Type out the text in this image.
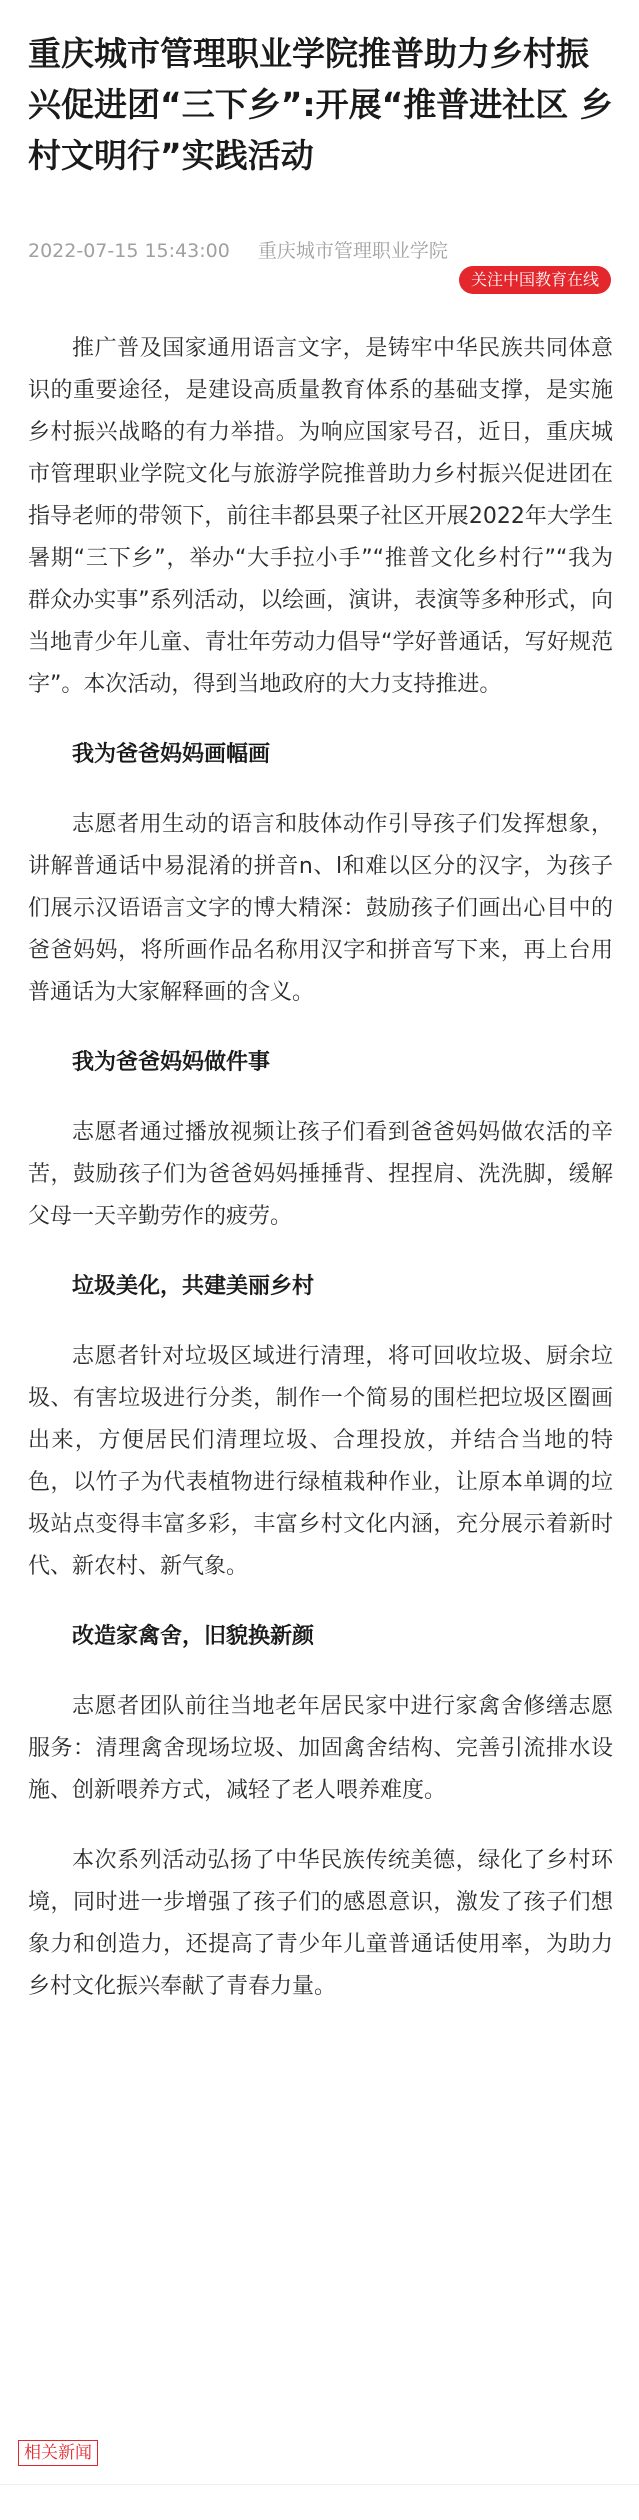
重庆城市管理职业学院推普助力乡村振兴促进团“三下乡”:开展“推普进社区 乡村文明行”实践活动
2022-07-15 15:43:00 重庆城市管理职业学院
关注中国教育在线

推广普及国家通用语言文字，是铸牢中华民族共同体意识的重要途径，是建设高质量教育体系的基础支撑，是实施乡村振兴战略的有力举措。为响应国家号召，近日，重庆城市管理职业学院文化与旅游学院推普助力乡村振兴促进团在指导老师的带领下，前往丰都县栗子社区开展2022年大学生暑期“三下乡”，举办“大手拉小手”“推普文化乡村行”“我为群众办实事”系列活动，以绘画，演讲，表演等多种形式，向当地青少年儿童、青壮年劳动力倡导“学好普通话，写好规范字”。本次活动，得到当地政府的大力支持推进。

我为爸爸妈妈画幅画

志愿者用生动的语言和肢体动作引导孩子们发挥想象，讲解普通话中易混淆的拼音n、l和难以区分的汉字，为孩子们展示汉语语言文字的博大精深：鼓励孩子们画出心目中的爸爸妈妈，将所画作品名称用汉字和拼音写下来，再上台用普通话为大家解释画的含义。

我为爸爸妈妈做件事

志愿者通过播放视频让孩子们看到爸爸妈妈做农活的辛苦，鼓励孩子们为爸爸妈妈捶捶背、捏捏肩、洗洗脚，缓解父母一天辛勤劳作的疲劳。

垃圾美化，共建美丽乡村

志愿者针对垃圾区域进行清理，将可回收垃圾、厨余垃圾、有害垃圾进行分类，制作一个简易的围栏把垃圾区圈画出来，方便居民们清理垃圾、合理投放，并结合当地的特色，以竹子为代表植物进行绿植栽种作业，让原本单调的垃圾站点变得丰富多彩，丰富乡村文化内涵，充分展示着新时代、新农村、新气象。

改造家禽舍，旧貌换新颜

志愿者团队前往当地老年居民家中进行家禽舍修缮志愿服务：清理禽舍现场垃圾、加固禽舍结构、完善引流排水设施、创新喂养方式，减轻了老人喂养难度。

本次系列活动弘扬了中华民族传统美德，绿化了乡村环境，同时进一步增强了孩子们的感恩意识，激发了孩子们想象力和创造力，还提高了青少年儿童普通话使用率，为助力乡村文化振兴奉献了青春力量。

相关新闻
